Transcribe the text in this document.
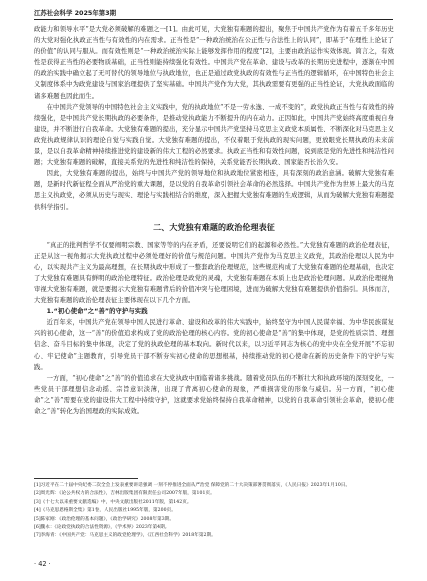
江苏社会科学 2025年第3期

政能力和领导水平”是大党必须破解的难题之一[1]。由此可见，大党独有难题的提出，聚焦于中国共产党作为有着五千多年历史的大党对强化执政正当性与有效性的内在需求。正当性是“一种政治统治在公正性与合法性上的认同”，即基于“在理性上论证了的价值”的认同与服从。而有效性则是“一种政治统治实际上能够发挥作用的程度”[2]，主要由政治运作实效体现。简言之，有效性是获得正当性的必要物质基础，正当性则能持续强化有效性。中国共产党在革命、建设与改革的长期历史进程中，逐渐在中国的政治实践中确立起了无可替代的领导地位与执政地位，也正是通过政党执政的有效性与正当性的逻辑循环，在中国特色社会主义制度体系中为政党建设与国家治理提供了坚实基础。中国共产党作为大党，其执政需要有更强的正当性论证，大党执政面临的诸多难题也因此而生。

在中国共产党领导的中国特色社会主义实践中，党的执政地位“不是一劳永逸、一成不变的”，政党执政正当性与有效性的持续强化，是中国共产党长期执政的必要条件，是推动党执政能力不断提升的内在动力。正因如此，中国共产党始终高度重视自身建设，并不断进行自我革命。大党独有难题的提出，充分显示中国共产党坚持马克思主义政党本质属性、不断深化对马克思主义政党执政规律认识的理论自觉与实践自觉。大党独有难题的提出，不仅着眼于党执政的现实问题，更放眼党长期执政的未来前景，是以自我革命精神持续推进党的建设新的伟大工程的必然要求。执政正当性和有效性问题，说到底是党的先进性和纯洁性问题；大党独有难题的破解，直接关系党的先进性和纯洁性的保持，关系党能否长期执政、国家能否长治久安。

因此，大党独有难题的提出，始终与中国共产党的领导地位和执政地位紧密相连，具有深刻的政治意涵。破解大党独有难题，是新时代新征程全面从严治党的重大课题，是以党的自我革命引领社会革命的必然选择。中国共产党作为世界上最大的马克思主义执政党，必须从历史与现实、理论与实践相结合的维度，深入把握大党独有难题的生成逻辑，从而为破解大党独有难题提供科学指引。

二、大党独有难题的政治伦理表征

“真正的批判哲学不仅要阐明宗教、国家等等的内在矛盾，还要说明它们的起源和必然性。”大党独有难题的政治伦理表征，正是从这一视角揭示大党执政过程中必须处理好的价值与规范问题。中国共产党作为马克思主义政党，其政治伦理以人民为中心，以实现共产主义为最高理想，在长期执政中形成了一整套政治伦理规范，这些规范构成了大党独有难题的伦理基础，也决定了大党独有难题具有鲜明的政治伦理特征。政治伦理是政党的灵魂，大党独有难题在本质上也是政治伦理问题。从政治伦理视角审视大党独有难题，就是要揭示大党独有难题背后的价值冲突与伦理困境，进而为破解大党独有难题提供价值指引。具体而言，大党独有难题的政治伦理表征主要体现在以下几个方面。

1.“初心使命”之“善”的守护与实践

近百年来，中国共产党在领导中国人民进行革命、建设和改革的伟大实践中，始终坚守为中国人民谋幸福、为中华民族谋复兴的初心使命，这一“善”的价值追求构成了党的政治伦理的核心内容。党的初心使命是“善”的集中体现，是党的性质宗旨、理想信念、奋斗目标的集中体现，决定了党的执政伦理的基本取向。新时代以来，以习近平同志为核心的党中央在全党开展“不忘初心、牢记使命”主题教育，引导党员干部不断夯实初心使命的思想根基，持续推动党的初心使命在新的历史条件下的守护与实践。

一方面，“初心使命”之“善”的价值追求在大党执政中面临着诸多挑战。随着党员队伍的不断壮大和执政环境的深刻变化，一些党员干部理想信念动摇、宗旨意识淡薄，出现了背离初心使命的现象，严重损害党的形象与威信。另一方面，“初心使命”之“善”需要在党的建设伟大工程中持续守护，这就要求党始终保持自我革命精神，以党的自我革命引领社会革命，使初心使命之“善”转化为治国理政的实际成效。

[1]习近平在二十届中央纪委二次全会上发表重要讲话强调 一刻不停推进全面从严治党 保障党的二十大决策部署贯彻落实，《人民日报》2023年1月10日。

[2]周光辉：《论公共权力的合法性》，吉林出版集团有限责任公司2007年版，第101页。

[3]《十七大以来重要文献选编》中，中央文献出版社2011年版，第142页。

[4]《马克思恩格斯全集》第1卷，人民出版社1995年版，第200页。

[5]陈家刚：《政治伦理的基本问题》，《政治学研究》2008年第3期。

[6]魏永：《论政党执政的合法性资源》，《学术界》2023年第4期。

[7]李海青：《中国共产党：马克思主义的政党伦理学》，《江西社会科学》2018年第2期。

· 42 ·
